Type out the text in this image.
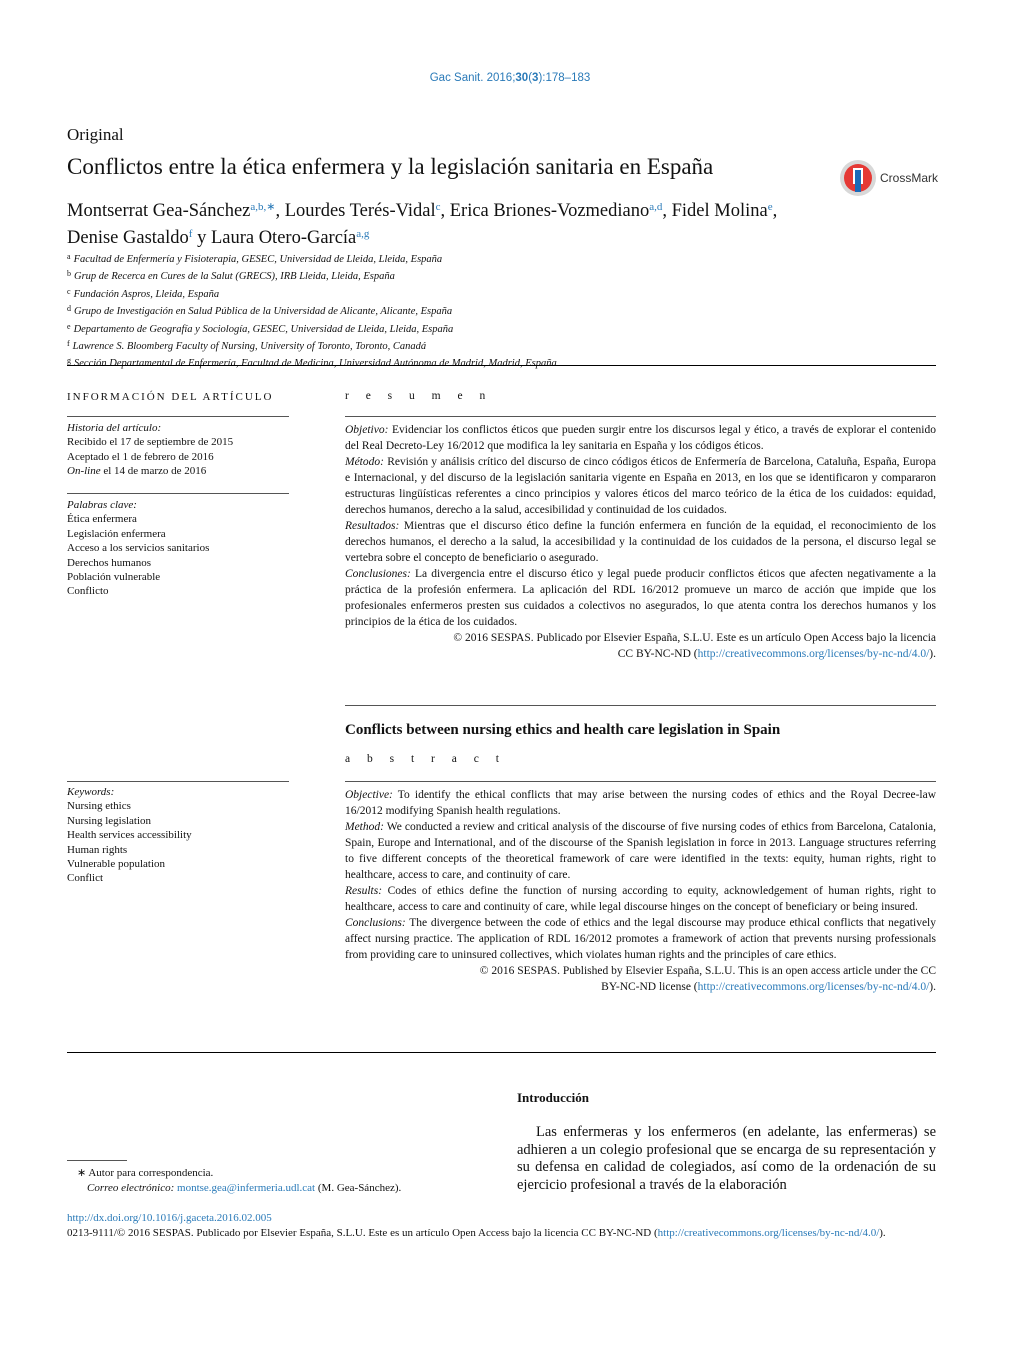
Gac Sanit. 2016;30(3):178–183
Original
Conflictos entre la ética enfermera y la legislación sanitaria en España	CrossMark
Montserrat Gea-Sánchez$^{a,b,∗}$, Lourdes Terés-Vidal$^c$, Erica Briones-Vozmediano$^{a,d}$, Fidel Molina$^e$,
Denise Gastaldo$^f$ y Laura Otero-García$^{a,g}$
$^a$ Facultad de Enfermería y Fisioterapia, GESEC, Universidad de Lleida, Lleida, España
$^b$ Grup de Recerca en Cures de la Salut (GRECS), IRB Lleida, Lleida, España
$^c$ Fundación Aspros, Lleida, España
$^d$ Grupo de Investigación en Salud Pública de la Universidad de Alicante, Alicante, España
$^e$ Departamento de Geografía y Sociología, GESEC, Universidad de Lleida, Lleida, España
$^f$ Lawrence S. Bloomberg Faculty of Nursing, University of Toronto, Toronto, Canadá
$^g$ Sección Departamental de Enfermería, Facultad de Medicina, Universidad Autónoma de Madrid, Madrid, España
INFORMACIÓN DEL ARTÍCULO
Historia del artículo:
Recibido el 17 de septiembre de 2015
Aceptado el 1 de febrero de 2016
On-line el 14 de marzo de 2016
Palabras clave:
Ética enfermera
Legislación enfermera
Acceso a los servicios sanitarios
Derechos humanos
Población vulnerable
Conflicto
r e s u m e n

Objetivo: Evidenciar los conflictos éticos que pueden surgir entre los discursos legal y ético, a través de explorar el contenido del Real Decreto-Ley 16/2012 que modifica la ley sanitaria en España y los códigos éticos.

Método: Revisión y análisis crítico del discurso de cinco códigos éticos de Enfermería de Barcelona, Cataluña, España, Europa e Internacional, y del discurso de la legislación sanitaria vigente en España en 2013, en los que se identificaron y compararon estructuras lingüísticas referentes a cinco principios y valores éticos del marco teórico de la ética de los cuidados: equidad, derechos humanos, derecho a la salud, accesibilidad y continuidad de los cuidados.

Resultados: Mientras que el discurso ético define la función enfermera en función de la equidad, el reconocimiento de los derechos humanos, el derecho a la salud, la accesibilidad y la continuidad de los cuidados de la persona, el discurso legal se vertebra sobre el concepto de beneficiario o asegurado.

Conclusiones: La divergencia entre el discurso ético y legal puede producir conflictos éticos que afecten negativamente a la práctica de la profesión enfermera. La aplicación del RDL 16/2012 promueve un marco de acción que impide que los profesionales enfermeros presten sus cuidados a colectivos no asegurados, lo que atenta contra los derechos humanos y los principios de la ética de los cuidados.

© 2016 SESPAS. Publicado por Elsevier España, S.L.U. Este es un artículo Open Access bajo la licencia
CC BY-NC-ND (http://creativecommons.org/licenses/by-nc-nd/4.0/).

Conflicts between nursing ethics and health care legislation in Spain
a b s t r a c t
Keywords:
Nursing ethics
Nursing legislation
Health services accessibility
Human rights
Vulnerable population
Conflict

Objective: To identify the ethical conflicts that may arise between the nursing codes of ethics and the Royal Decree-law 16/2012 modifying Spanish health regulations.

Method: We conducted a review and critical analysis of the discourse of five nursing codes of ethics from Barcelona, Catalonia, Spain, Europe and International, and of the discourse of the Spanish legislation in force in 2013. Language structures referring to five different concepts of the theoretical framework of care were identified in the texts: equity, human rights, right to healthcare, access to care, and continuity of care.

Results: Codes of ethics define the function of nursing according to equity, acknowledgement of human rights, right to healthcare, access to care and continuity of care, while legal discourse hinges on the concept of beneficiary or being insured.

Conclusions: The divergence between the code of ethics and the legal discourse may produce ethical conflicts that negatively affect nursing practice. The application of RDL 16/2012 promotes a framework of action that prevents nursing professionals from providing care to uninsured collectives, which violates human rights and the principles of care ethics.

© 2016 SESPAS. Published by Elsevier España, S.L.U. This is an open access article under the CC
BY-NC-ND license (http://creativecommons.org/licenses/by-nc-nd/4.0/).

Introducción

Las enfermeras y los enfermeros (en adelante, las enfermeras) se adhieren a un colegio profesional que se encarga de su representación y su defensa en calidad de colegiados, así como de la ordenación de su ejercicio profesional a través de la elaboración

∗ Autor para correspondencia.
Correo electrónico: montse.gea@infermeria.udl.cat (M. Gea-Sánchez).
http://dx.doi.org/10.1016/j.gaceta.2016.02.005
0213-9111/© 2016 SESPAS. Publicado por Elsevier España, S.L.U. Este es un artículo Open Access bajo la licencia CC BY-NC-ND (http://creativecommons.org/licenses/by-nc-nd/4.0/).
